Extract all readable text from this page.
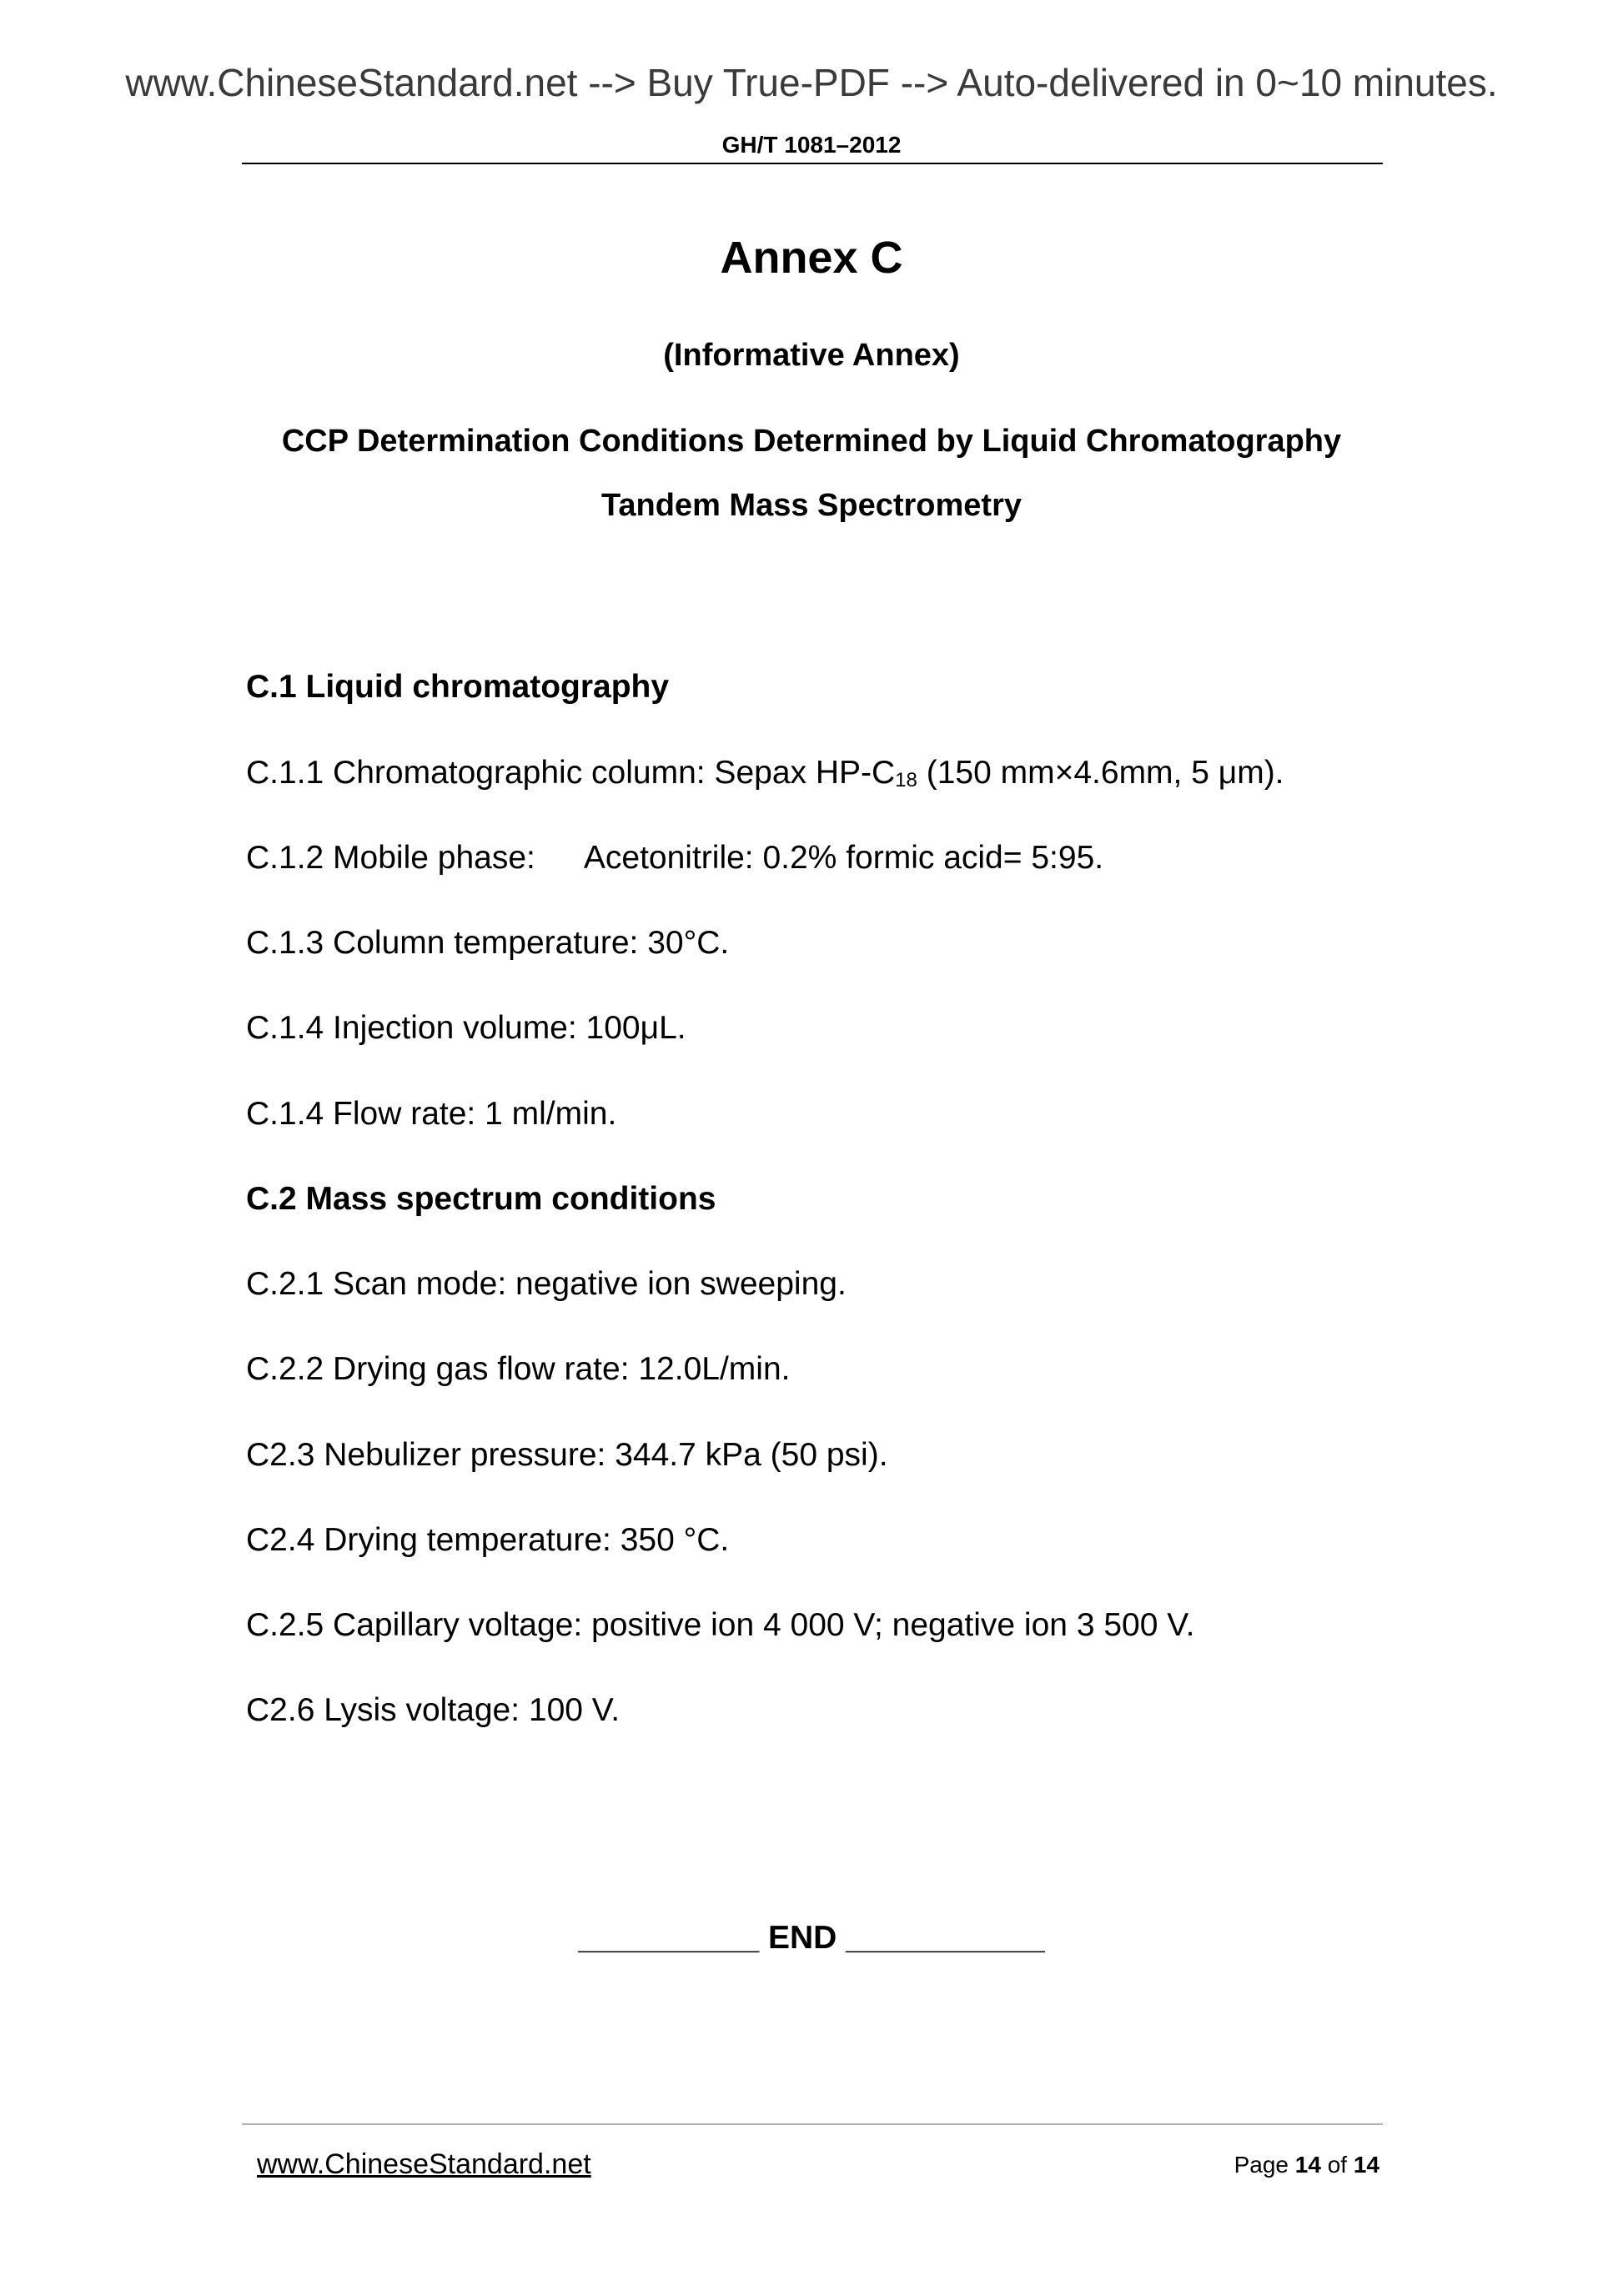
www.ChineseStandard.net --> Buy True-PDF --> Auto-delivered in 0~10 minutes.
GH/T 1081–2012
Annex C
(Informative Annex)
CCP Determination Conditions Determined by Liquid Chromatography
Tandem Mass Spectrometry
C.1 Liquid chromatography
C.1.1 Chromatographic column: Sepax $HP-C_{18}$ (150 mm×4.6mm, 5 μm).
C.1.2 Mobile phase: Acetonitrile: 0.2% formic acid= 5:95.
C.1.3 Column temperature: 30°C.
C.1.4 Injection volume: 100μL.
C.1.4 Flow rate: 1 ml/min.
C.2 Mass spectrum conditions
C.2.1 Scan mode: negative ion sweeping.
C.2.2 Drying gas flow rate: 12.0L/min.
C2.3 Nebulizer pressure: 344.7 kPa (50 psi).
C2.4 Drying temperature: 350 °C.
C.2.5 Capillary voltage: positive ion 4 000 V; negative ion 3 500 V.
C2.6 Lysis voltage: 100 V.
__________ END ___________
www.ChineseStandard.net	Page 14 of 14
